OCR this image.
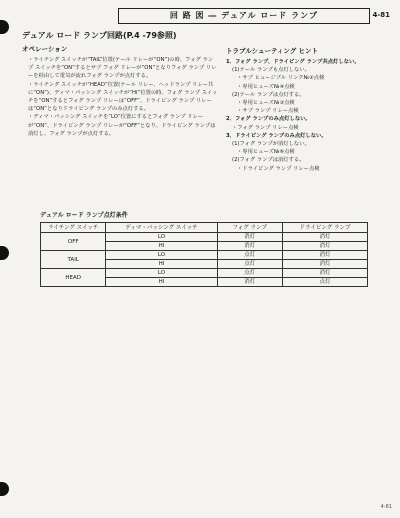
回 路 図 ― デュアル ロード ランプ	4-81
デュアル ロード ランプ回路(P.4 -79参照)
オペレーション

・ライチング スイッチが“TAIL”位置(テール リレーが“ON”)の時、フォグ ランプ スイッチを“ON”するとサブ フォグ リレーが“ON”となりフォグ ランプ リレーを経由して電気が流れフォグ ランプが点灯する。

・ライチング スイッチが“HEAD”位置(テール リレー、ヘッドランプ リレー共に“ON”)、ディマ・パッシング スイッチが“HI”位置の時、フォグ ランプ スイッチを“ON”するとフォグ ランプ リレーは“OFF”、ドライビング ランプ リレーは“ON”となりドライビング ランプのみ点灯する。

・ディマ・パッシング スイッチを“LO”位置にするとフォグ ランプ リレーが“ON”、ドライビング ランプ リレーが“OFF”となり、ドライビング ランプは消灯し、フォグ ランプが点灯する。

トラブルシューティング ヒント

1．フォグ ランプ、ドライビング ランプ共点灯しない。

(1)テール ランプも点灯しない。

・サブ ヒュージブル リンク№②点検

・専用ヒューズ№④点検

(2)テール ランプは点灯する。

・専用ヒューズ№③点検

・サブ ランプ リレー点検

2．フォグ ランプのみ点灯しない。

・フォグ ランプ リレー点検

3．ドライビング ランプのみ点灯しない。

(1)フォグ ランプが消灯しない。

・専用ヒューズ№⑥点検

(2)フォグ ランプは消灯する。

・ドライビング ランプ リレー点検

デュアル ロード ランプ点灯条件
ライチング スイッチ	ディマ・パッシング スイッチ	フォグ ランプ	ドライビング ランプ
OFF	LO	消灯	消灯
	HI	消灯	消灯
TAIL	LO	点灯	消灯
	HI	点灯	消灯
HEAD	LO	点灯	消灯
	HI	消灯	点灯
4-81
